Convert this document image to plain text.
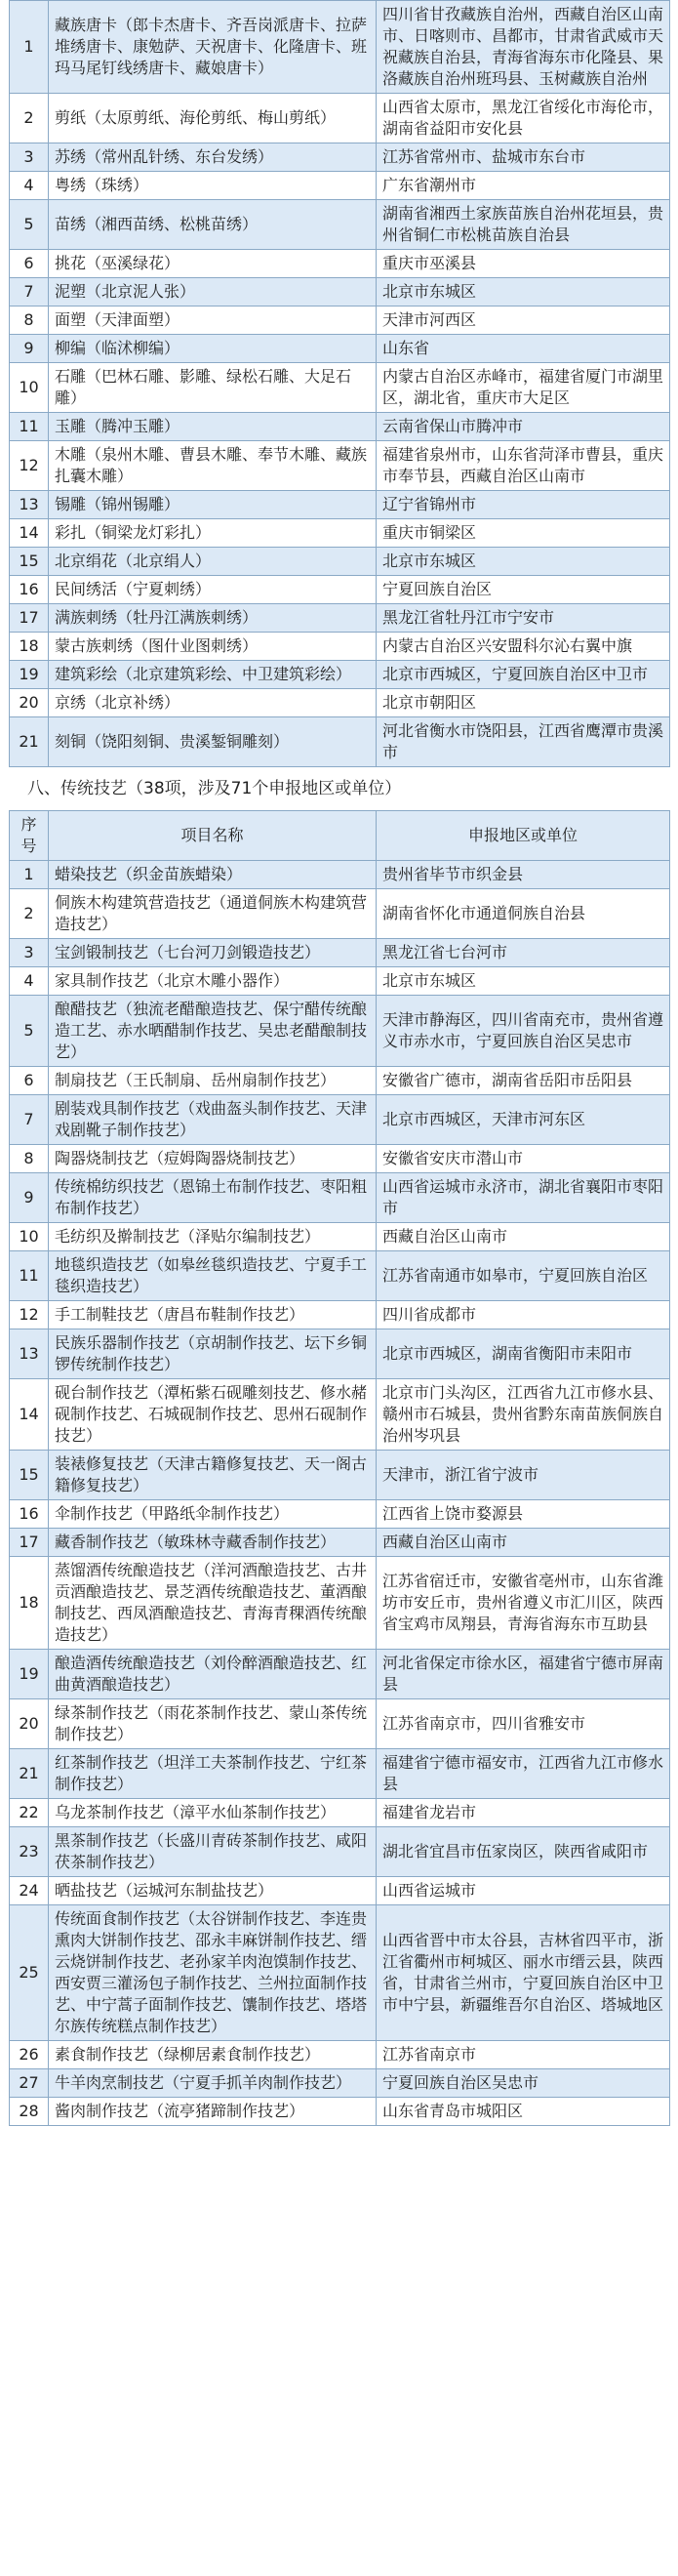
1	藏族唐卡（郎卡杰唐卡、齐吾岗派唐卡、拉萨堆绣唐卡、康勉萨、天祝唐卡、化隆唐卡、班玛马尾钉线绣唐卡、藏娘唐卡）	四川省甘孜藏族自治州，西藏自治区山南市、日喀则市、昌都市，甘肃省武威市天祝藏族自治县，青海省海东市化隆县、果洛藏族自治州班玛县、玉树藏族自治州
2	剪纸（太原剪纸、海伦剪纸、梅山剪纸）	山西省太原市，黑龙江省绥化市海伦市，湖南省益阳市安化县
3	苏绣（常州乱针绣、东台发绣）	江苏省常州市、盐城市东台市
4	粤绣（珠绣）	广东省潮州市
5	苗绣（湘西苗绣、松桃苗绣）	湖南省湘西土家族苗族自治州花垣县，贵州省铜仁市松桃苗族自治县
6	挑花（巫溪绿花）	重庆市巫溪县
7	泥塑（北京泥人张）	北京市东城区
8	面塑（天津面塑）	天津市河西区
9	柳编（临沭柳编）	山东省
10	石雕（巴林石雕、影雕、绿松石雕、大足石雕）	内蒙古自治区赤峰市，福建省厦门市湖里区，湖北省，重庆市大足区
11	玉雕（腾冲玉雕）	云南省保山市腾冲市
12	木雕（泉州木雕、曹县木雕、奉节木雕、藏族扎囊木雕）	福建省泉州市，山东省菏泽市曹县，重庆市奉节县，西藏自治区山南市
13	锡雕（锦州锡雕）	辽宁省锦州市
14	彩扎（铜梁龙灯彩扎）	重庆市铜梁区
15	北京绢花（北京绢人）	北京市东城区
16	民间绣活（宁夏刺绣）	宁夏回族自治区
17	满族刺绣（牡丹江满族刺绣）	黑龙江省牡丹江市宁安市
18	蒙古族刺绣（图什业图刺绣）	内蒙古自治区兴安盟科尔沁右翼中旗
19	建筑彩绘（北京建筑彩绘、中卫建筑彩绘）	北京市西城区，宁夏回族自治区中卫市
20	京绣（北京补绣）	北京市朝阳区
21	刻铜（饶阳刻铜、贵溪錾铜雕刻）	河北省衡水市饶阳县，江西省鹰潭市贵溪市
八、传统技艺（38项，涉及71个申报地区或单位）
序号	项目名称	申报地区或单位
1	蜡染技艺（织金苗族蜡染）	贵州省毕节市织金县
2	侗族木构建筑营造技艺（通道侗族木构建筑营造技艺）	湖南省怀化市通道侗族自治县
3	宝剑锻制技艺（七台河刀剑锻造技艺）	黑龙江省七台河市
4	家具制作技艺（北京木雕小器作）	北京市东城区
5	酿醋技艺（独流老醋酿造技艺、保宁醋传统酿造工艺、赤水晒醋制作技艺、吴忠老醋酿制技艺）	天津市静海区，四川省南充市，贵州省遵义市赤水市，宁夏回族自治区吴忠市
6	制扇技艺（王氏制扇、岳州扇制作技艺）	安徽省广德市，湖南省岳阳市岳阳县
7	剧装戏具制作技艺（戏曲盔头制作技艺、天津戏剧靴子制作技艺）	北京市西城区，天津市河东区
8	陶器烧制技艺（痘姆陶器烧制技艺）	安徽省安庆市潜山市
9	传统棉纺织技艺（恩锦土布制作技艺、枣阳粗布制作技艺）	山西省运城市永济市，湖北省襄阳市枣阳市
10	毛纺织及擀制技艺（泽贴尔编制技艺）	西藏自治区山南市
11	地毯织造技艺（如皋丝毯织造技艺、宁夏手工毯织造技艺）	江苏省南通市如皋市，宁夏回族自治区
12	手工制鞋技艺（唐昌布鞋制作技艺）	四川省成都市
13	民族乐器制作技艺（京胡制作技艺、坛下乡铜锣传统制作技艺）	北京市西城区，湖南省衡阳市耒阳市
14	砚台制作技艺（潭柘紫石砚雕刻技艺、修水赭砚制作技艺、石城砚制作技艺、思州石砚制作技艺）	北京市门头沟区，江西省九江市修水县、赣州市石城县，贵州省黔东南苗族侗族自治州岑巩县
15	装裱修复技艺（天津古籍修复技艺、天一阁古籍修复技艺）	天津市，浙江省宁波市
16	伞制作技艺（甲路纸伞制作技艺）	江西省上饶市婺源县
17	藏香制作技艺（敏珠林寺藏香制作技艺）	西藏自治区山南市
18	蒸馏酒传统酿造技艺（洋河酒酿造技艺、古井贡酒酿造技艺、景芝酒传统酿造技艺、董酒酿制技艺、西凤酒酿造技艺、青海青稞酒传统酿造技艺）	江苏省宿迁市，安徽省亳州市，山东省潍坊市安丘市，贵州省遵义市汇川区，陕西省宝鸡市凤翔县，青海省海东市互助县
19	酿造酒传统酿造技艺（刘伶醉酒酿造技艺、红曲黄酒酿造技艺）	河北省保定市徐水区，福建省宁德市屏南县
20	绿茶制作技艺（雨花茶制作技艺、蒙山茶传统制作技艺）	江苏省南京市，四川省雅安市
21	红茶制作技艺（坦洋工夫茶制作技艺、宁红茶制作技艺）	福建省宁德市福安市，江西省九江市修水县
22	乌龙茶制作技艺（漳平水仙茶制作技艺）	福建省龙岩市
23	黑茶制作技艺（长盛川青砖茶制作技艺、咸阳茯茶制作技艺）	湖北省宜昌市伍家岗区，陕西省咸阳市
24	晒盐技艺（运城河东制盐技艺）	山西省运城市
25	传统面食制作技艺（太谷饼制作技艺、李连贵熏肉大饼制作技艺、邵永丰麻饼制作技艺、缙云烧饼制作技艺、老孙家羊肉泡馍制作技艺、西安贾三灌汤包子制作技艺、兰州拉面制作技艺、中宁蒿子面制作技艺、馕制作技艺、塔塔尔族传统糕点制作技艺）	山西省晋中市太谷县，吉林省四平市，浙江省衢州市柯城区、丽水市缙云县，陕西省，甘肃省兰州市，宁夏回族自治区中卫市中宁县，新疆维吾尔自治区、塔城地区
26	素食制作技艺（绿柳居素食制作技艺）	江苏省南京市
27	牛羊肉烹制技艺（宁夏手抓羊肉制作技艺）	宁夏回族自治区吴忠市
28	酱肉制作技艺（流亭猪蹄制作技艺）	山东省青岛市城阳区
